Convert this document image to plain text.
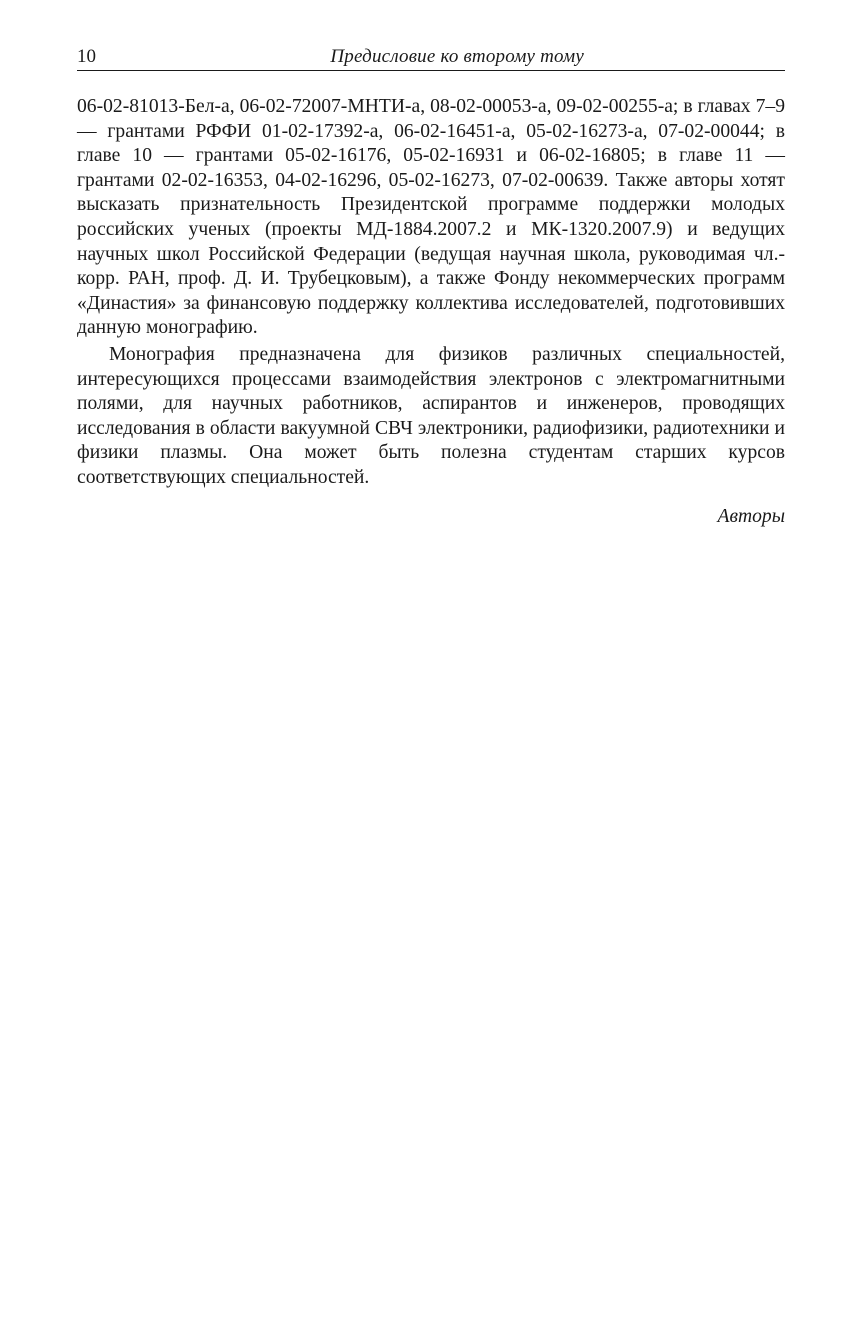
10	Предисловие ко второму тому

06-02-81013-Бел-а, 06-02-72007-МНТИ-а, 08-02-00053-а, 09-02-00255-а; в главах 7–9 — грантами РФФИ 01-02-17392-а, 06-02-16451-а, 05-02-16273-а, 07-02-00044; в главе 10 — грантами 05-02-16176, 05-02-16931 и 06-02-16805; в главе 11 — грантами 02-02-16353, 04-02-16296, 05-02-16273, 07-02-00639. Также авторы хотят высказать признательность Президентской программе поддержки молодых российских ученых (проекты МД-1884.2007.2 и МК-1320.2007.9) и ведущих научных школ Российской Федерации (ведущая научная школа, руководимая чл.-корр. РАН, проф. Д. И. Трубецковым), а также Фонду некоммерческих программ «Династия» за финансовую поддержку коллектива исследователей, подготовивших данную монографию.

Монография предназначена для физиков различных специальностей, интересующихся процессами взаимодействия электронов с электромагнитными полями, для научных работников, аспирантов и инженеров, проводящих исследования в области вакуумной СВЧ электроники, радиофизики, радиотехники и физики плазмы. Она может быть полезна студентам старших курсов соответствующих специальностей.

Авторы
